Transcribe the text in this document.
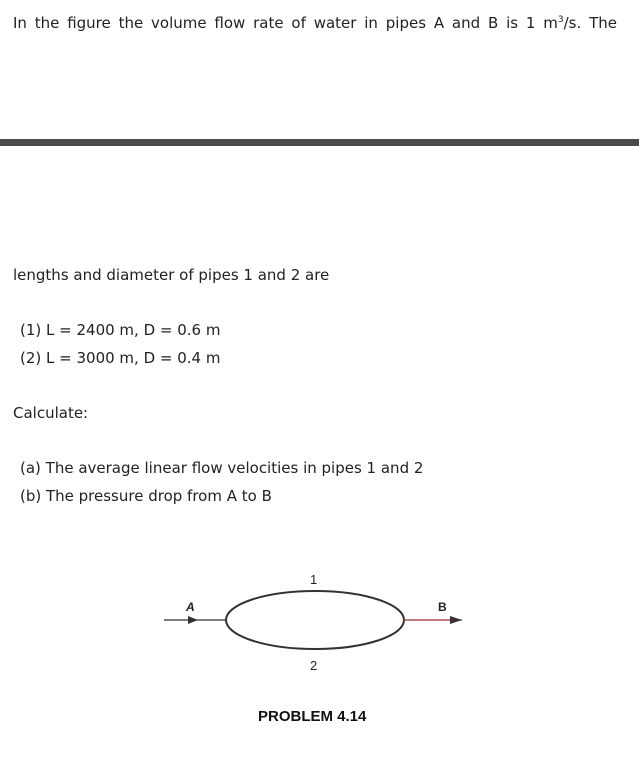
In the figure the volume flow rate of water in pipes A and B is 1 $m^3/s$. The
lengths and diameter of pipes 1 and 2 are
(1) L = 2400 m, D = 0.6 m
(2) L = 3000 m, D = 0.4 m
Calculate:
(a) The average linear flow velocities in pipes 1 and 2
(b) The pressure drop from A to B
A	B
1
2
PROBLEM 4.14
